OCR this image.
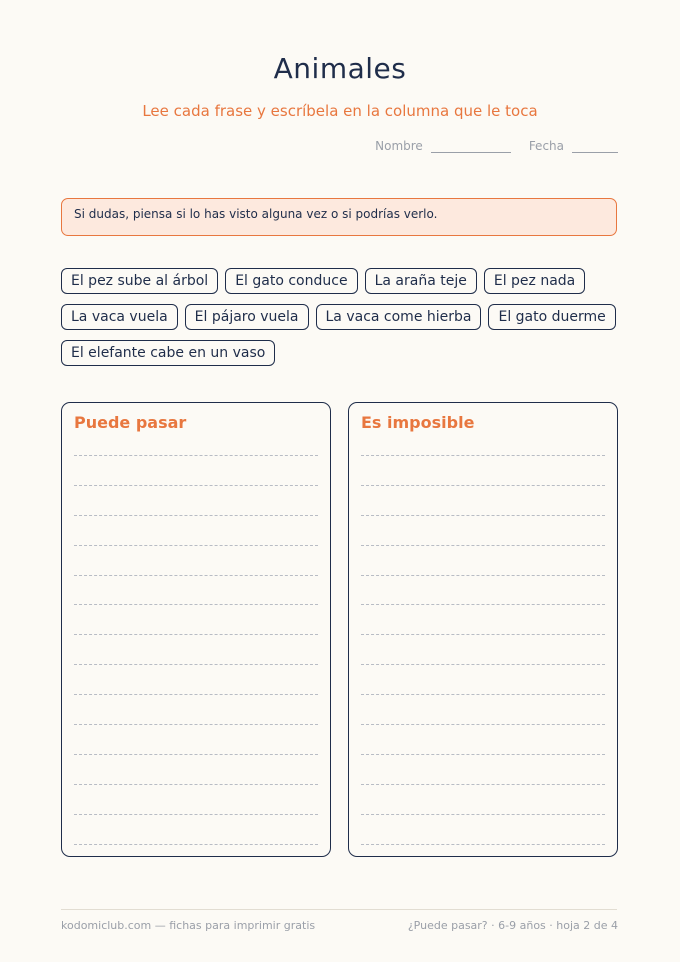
Animales
Lee cada frase y escríbela en la columna que le toca
Nombre	Fecha
Si dudas, piensa si lo has visto alguna vez o si podrías verlo.
El pez sube al árbol	El gato conduce	La araña teje	El pez nada
La vaca vuela	El pájaro vuela	La vaca come hierba	El gato duerme
El elefante cabe en un vaso
Puede pasar	Es imposible
kodomiclub.com — fichas para imprimir gratis	¿Puede pasar? · 6-9 años · hoja 2 de 4
